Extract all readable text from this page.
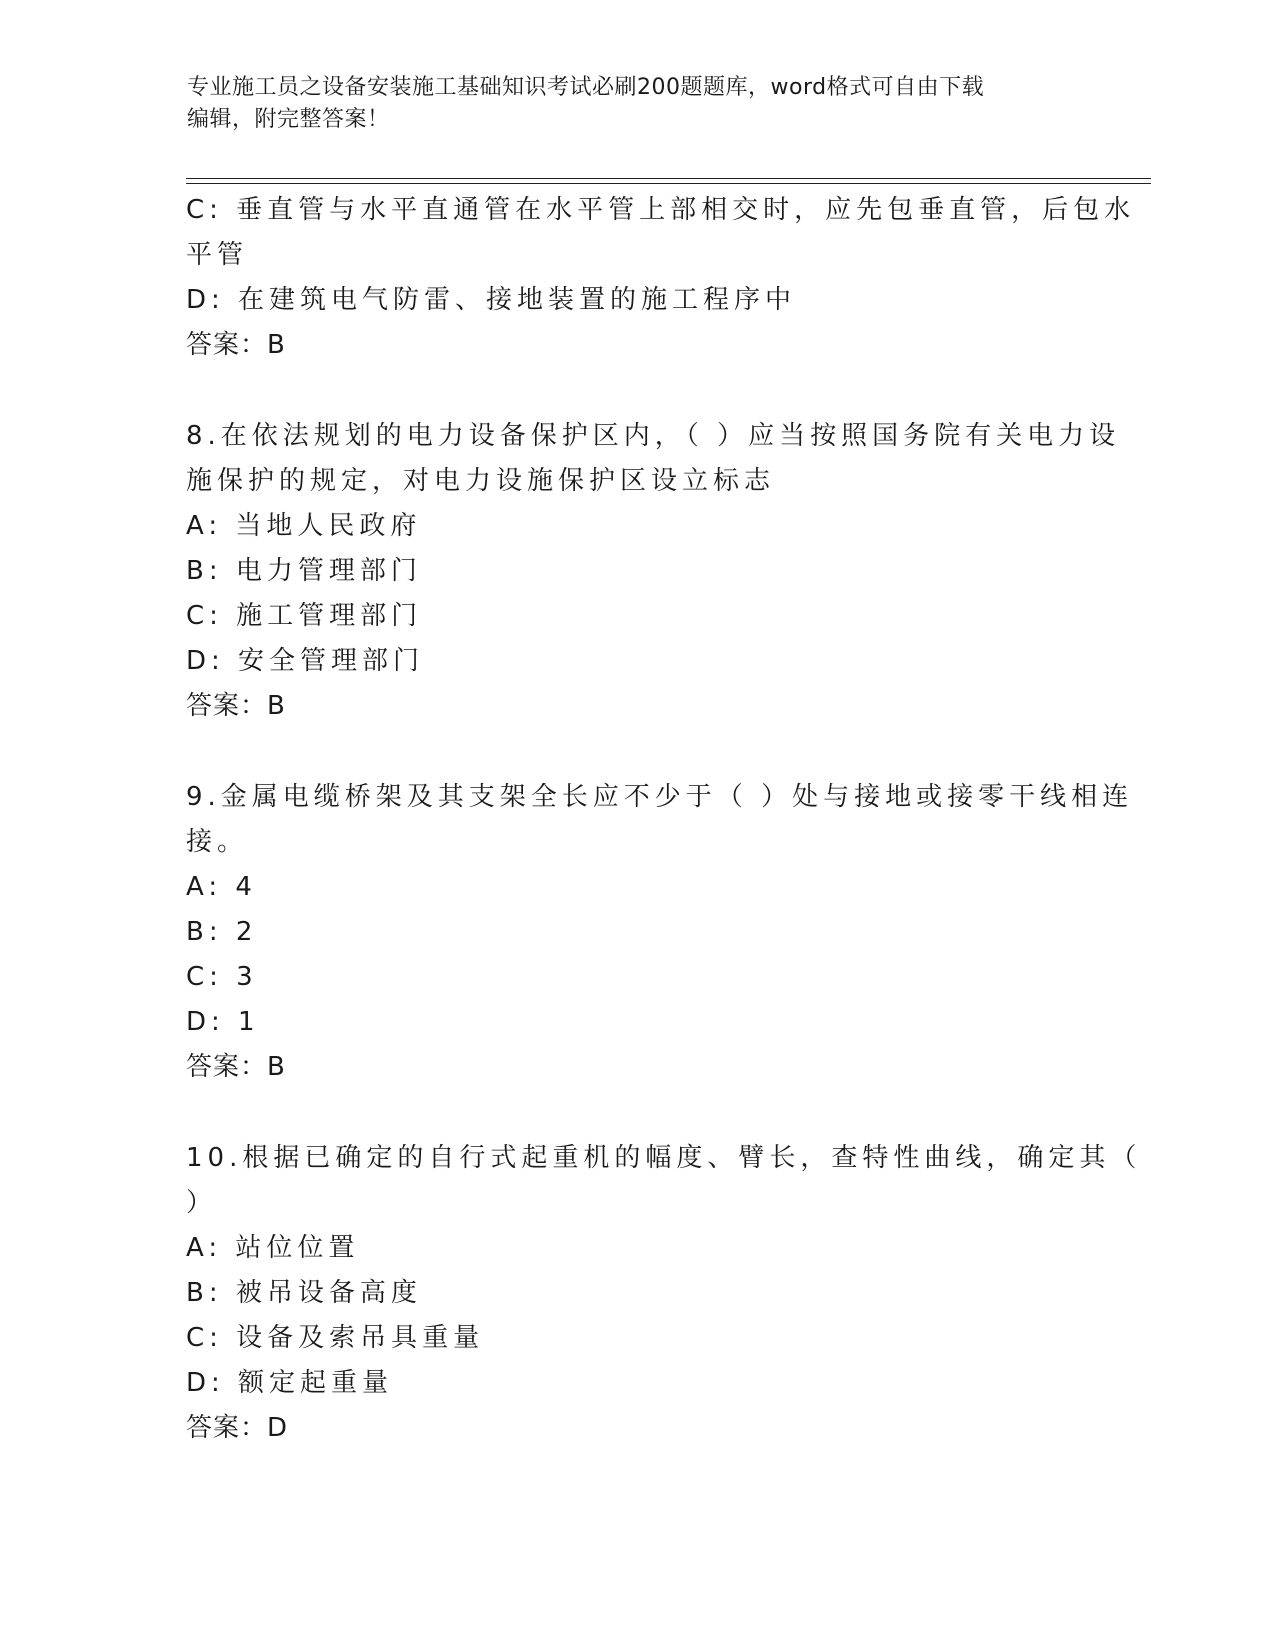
专业施工员之设备安装施工基础知识考试必刷200题题库，word格式可自由下载
编辑，附完整答案！
C: 垂直管与水平直通管在水平管上部相交时，应先包垂直管，后包水
平管
D: 在建筑电气防雷、接地装置的施工程序中
答案：B
8.在依法规划的电力设备保护区内，（ ）应当按照国务院有关电力设
施保护的规定，对电力设施保护区设立标志
A: 当地人民政府
B: 电力管理部门
C: 施工管理部门
D: 安全管理部门
答案：B
9.金属电缆桥架及其支架全长应不少于（ ）处与接地或接零干线相连
接。
A: 4
B: 2
C: 3
D: 1
答案：B
10.根据已确定的自行式起重机的幅度、臂长，查特性曲线，确定其（
）
A: 站位位置
B: 被吊设备高度
C: 设备及索吊具重量
D: 额定起重量
答案：D
